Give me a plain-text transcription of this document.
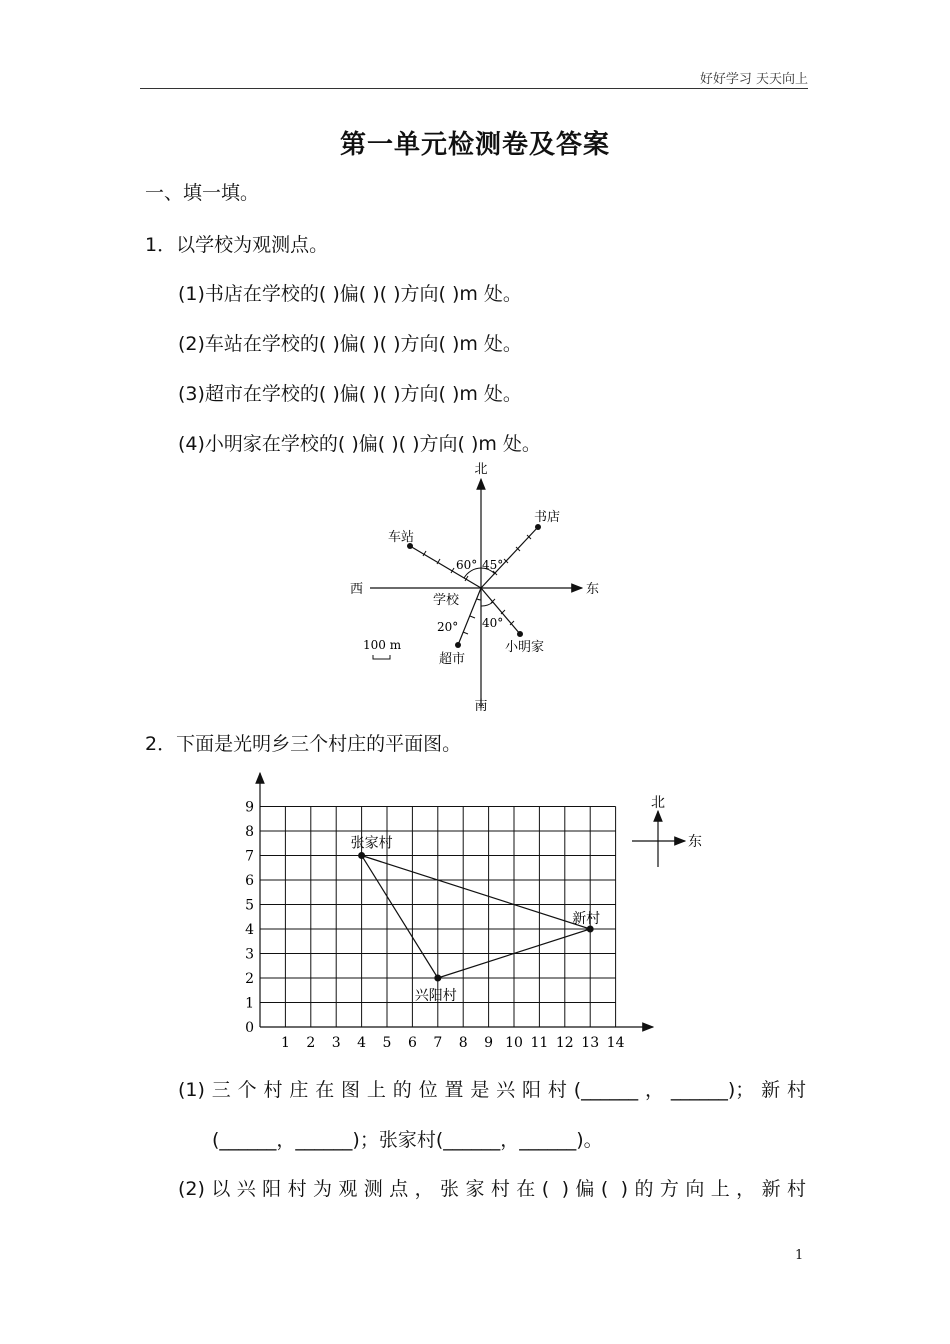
好好学习 天天向上
第一单元检测卷及答案
一、填一填。
1．以学校为观测点。
(1)书店在学校的( )偏( )( )方向( )m 处。
(2)车站在学校的( )偏( )( )方向( )m 处。
(3)超市在学校的( )偏( )( )方向( )m 处。
(4)小明家在学校的( )偏( )( )方向( )m 处。
北
南
东
西
学校
书店
车站
超市
小明家
60° 45°
20° 40°
100 m
2．下面是光明乡三个村庄的平面图。
1 2 3 4 5 6 7 8 9 10 11 12 13 14
0
1
2
3
4
5
6
7
8
9
张家村
新村
兴阳村
北
东
(1)三个村庄在图上的位置是兴阳村(______，______)；新村
(______，______)；张家村(______，______)。
(2)以兴阳村为观测点，张家村在( )偏( )的方向上，新村
1
